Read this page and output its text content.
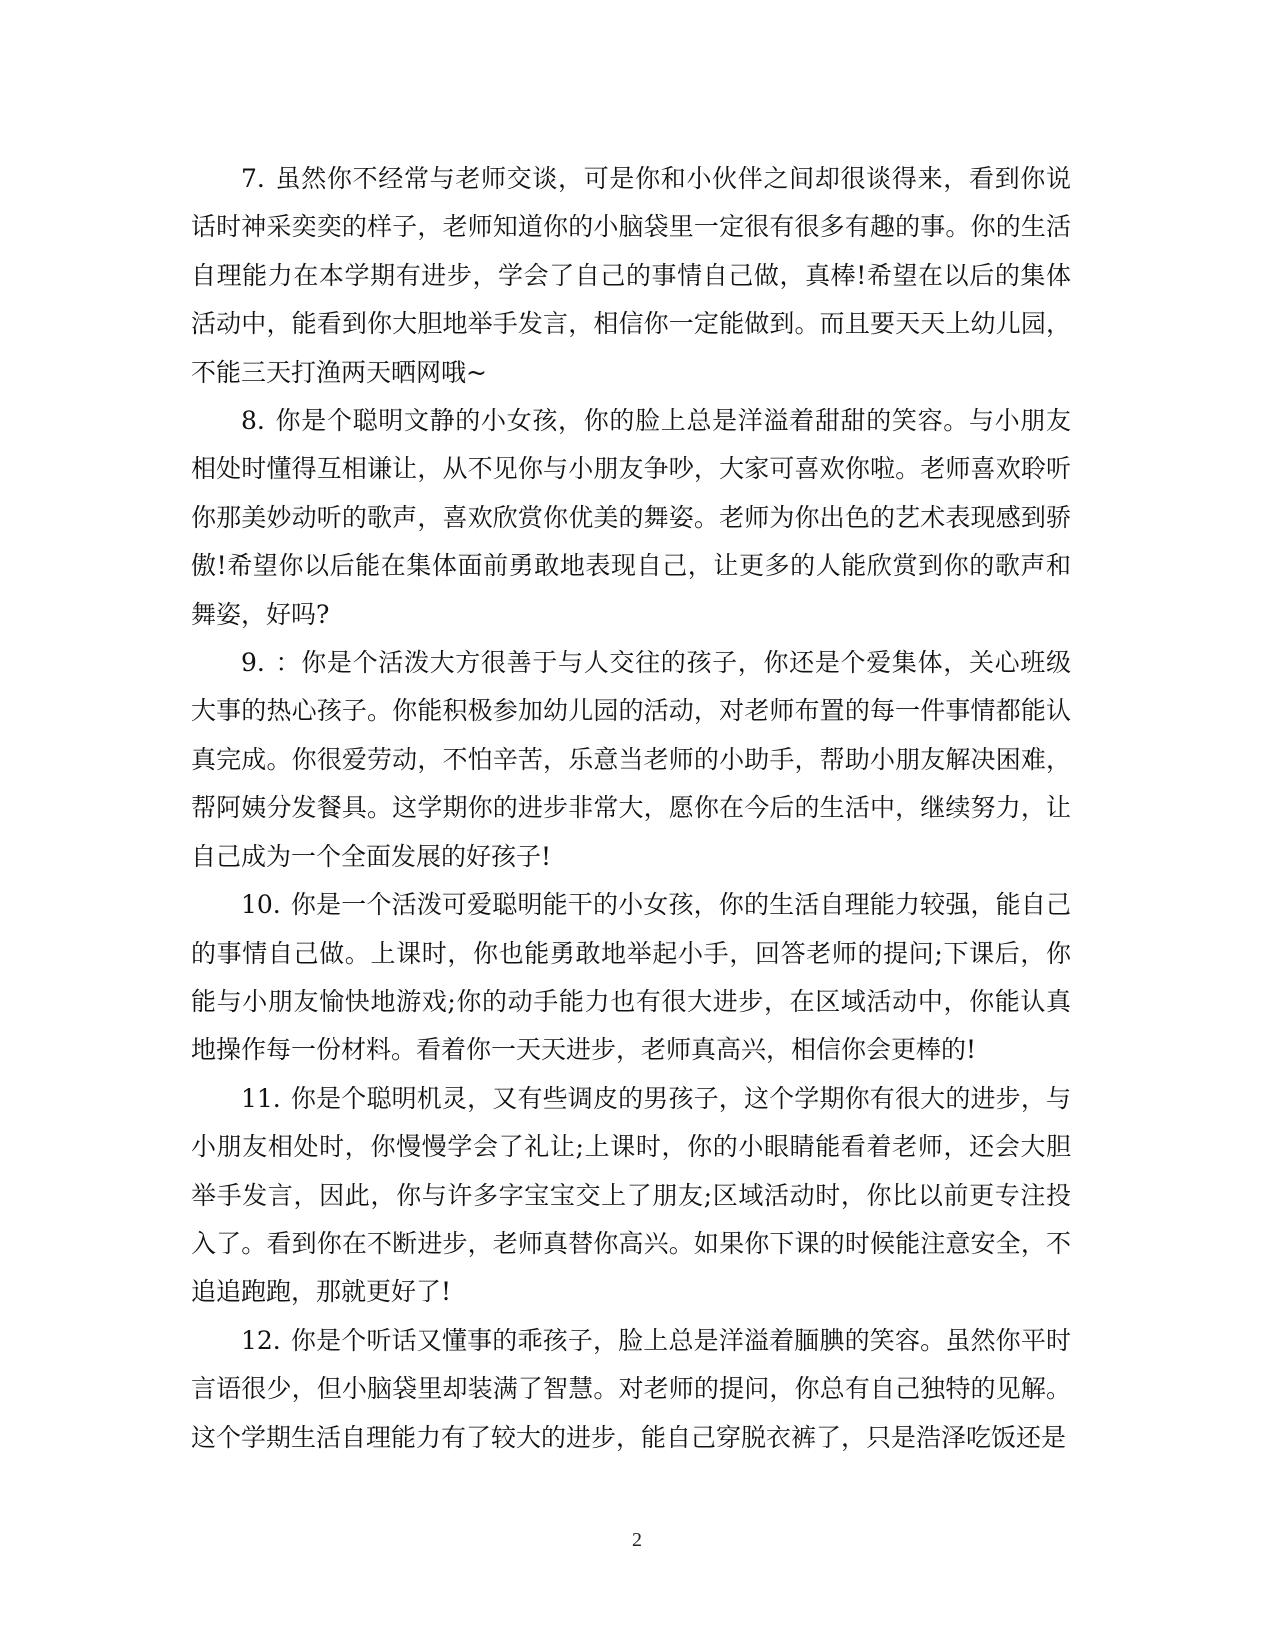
7. 虽然你不经常与老师交谈，可是你和小伙伴之间却很谈得来，看到你说话时神采奕奕的样子，老师知道你的小脑袋里一定很有很多有趣的事。你的生活自理能力在本学期有进步，学会了自己的事情自己做，真棒!希望在以后的集体活动中，能看到你大胆地举手发言，相信你一定能做到。而且要天天上幼儿园，不能三天打渔两天晒网哦~

8. 你是个聪明文静的小女孩，你的脸上总是洋溢着甜甜的笑容。与小朋友相处时懂得互相谦让，从不见你与小朋友争吵，大家可喜欢你啦。老师喜欢聆听你那美妙动听的歌声，喜欢欣赏你优美的舞姿。老师为你出色的艺术表现感到骄傲!希望你以后能在集体面前勇敢地表现自己，让更多的人能欣赏到你的歌声和舞姿，好吗?

9. ：你是个活泼大方很善于与人交往的孩子，你还是个爱集体，关心班级大事的热心孩子。你能积极参加幼儿园的活动，对老师布置的每一件事情都能认真完成。你很爱劳动，不怕辛苦，乐意当老师的小助手，帮助小朋友解决困难，帮阿姨分发餐具。这学期你的进步非常大，愿你在今后的生活中，继续努力，让自己成为一个全面发展的好孩子!

10. 你是一个活泼可爱聪明能干的小女孩，你的生活自理能力较强，能自己的事情自己做。上课时，你也能勇敢地举起小手，回答老师的提问;下课后，你能与小朋友愉快地游戏;你的动手能力也有很大进步，在区域活动中，你能认真地操作每一份材料。看着你一天天进步，老师真高兴，相信你会更棒的!

11. 你是个聪明机灵，又有些调皮的男孩子，这个学期你有很大的进步，与小朋友相处时，你慢慢学会了礼让;上课时，你的小眼睛能看着老师，还会大胆举手发言，因此，你与许多字宝宝交上了朋友;区域活动时，你比以前更专注投入了。看到你在不断进步，老师真替你高兴。如果你下课的时候能注意安全，不追追跑跑，那就更好了!

12. 你是个听话又懂事的乖孩子，脸上总是洋溢着腼腆的笑容。虽然你平时言语很少，但小脑袋里却装满了智慧。对老师的提问，你总有自己独特的见解。这个学期生活自理能力有了较大的进步，能自己穿脱衣裤了，只是浩泽吃饭还是

2
